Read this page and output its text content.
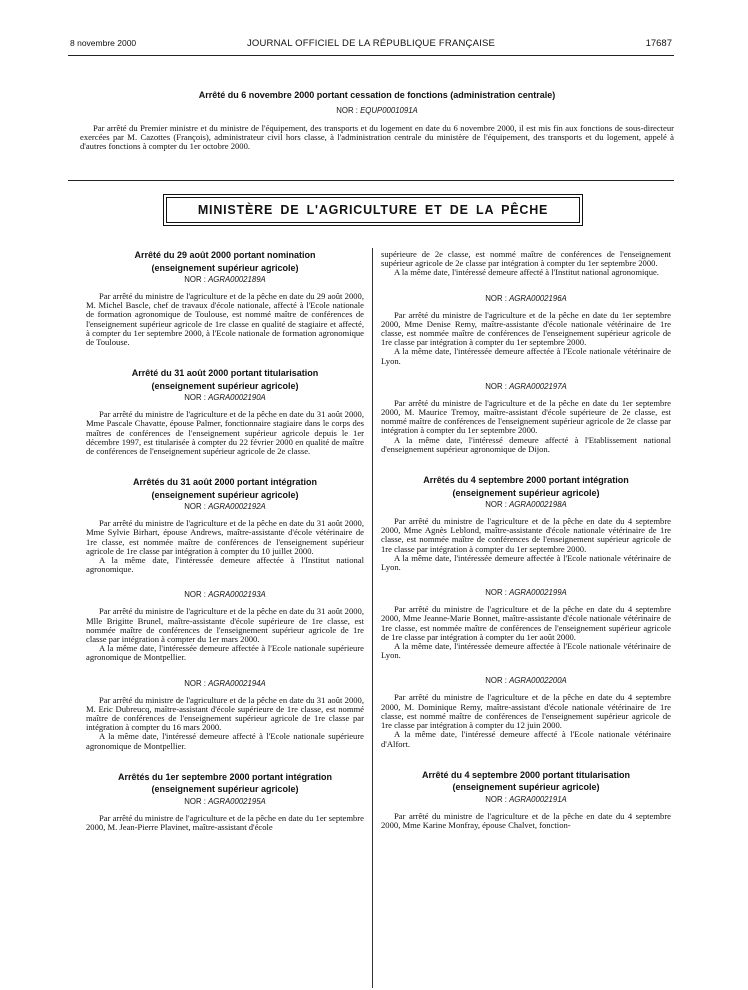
8 novembre 2000	JOURNAL OFFICIEL DE LA RÉPUBLIQUE FRANÇAISE	17687
Arrêté du 6 novembre 2000 portant cessation de fonctions (administration centrale)
NOR : EQUP0001091A

Par arrêté du Premier ministre et du ministre de l'équipement, des transports et du logement en date du 6 novembre 2000, il est mis fin aux fonctions de sous-directeur exercées par M. Cazottes (François), administrateur civil hors classe, à l'administration centrale du ministère de l'équipement, des transports et du logement, appelé à d'autres fonctions à compter du 1er octobre 2000.

MINISTÈRE DE L'AGRICULTURE ET DE LA PÊCHE
Arrêté du 29 août 2000 portant nomination
(enseignement supérieur agricole)
NOR : AGRA0002189A

Par arrêté du ministre de l'agriculture et de la pêche en date du 29 août 2000, M. Michel Bascle, chef de travaux d'école nationale, affecté à l'Ecole nationale de formation agronomique de Toulouse, est nommé maître de conférences de l'enseignement supérieur agricole de 1re classe en qualité de stagiaire et affecté, à compter du 1er septembre 2000, à l'Ecole nationale de formation agronomique de Toulouse.

Arrêté du 31 août 2000 portant titularisation
(enseignement supérieur agricole)
NOR : AGRA0002190A

Par arrêté du ministre de l'agriculture et de la pêche en date du 31 août 2000, Mme Pascale Chavatte, épouse Palmer, fonctionnaire stagiaire dans le corps des maîtres de conférences de l'enseignement supérieur agricole depuis le 1er décembre 1997, est titularisée à compter du 22 février 2000 en qualité de maître de conférences de l'enseignement supérieur agricole de 2e classe.

Arrêtés du 31 août 2000 portant intégration
(enseignement supérieur agricole)
NOR : AGRA0002192A

Par arrêté du ministre de l'agriculture et de la pêche en date du 31 août 2000, Mme Sylvie Birhart, épouse Andrews, maître-assistante d'école vétérinaire de 1re classe, est nommée maître de conférences de l'enseignement supérieur agricole de 1re classe par intégration à compter du 10 juillet 2000.

A la même date, l'intéressée demeure affectée à l'Institut national agronomique.

NOR : AGRA0002193A

Par arrêté du ministre de l'agriculture et de la pêche en date du 31 août 2000, Mlle Brigitte Brunel, maître-assistante d'école supérieure de 1re classe, est nommée maître de conférences de l'enseignement supérieur agricole de 1re classe par intégration à compter du 1er mars 2000.

A la même date, l'intéressée demeure affectée à l'Ecole nationale supérieure agronomique de Montpellier.

NOR : AGRA0002194A

Par arrêté du ministre de l'agriculture et de la pêche en date du 31 août 2000, M. Eric Dubreucq, maître-assistant d'école supérieure de 1re classe, est nommé maître de conférences de l'enseignement supérieur agricole de 1re classe par intégration à compter du 16 mars 2000.

A la même date, l'intéressé demeure affecté à l'Ecole nationale supérieure agronomique de Montpellier.

Arrêtés du 1er septembre 2000 portant intégration
(enseignement supérieur agricole)
NOR : AGRA0002195A

Par arrêté du ministre de l'agriculture et de la pêche en date du 1er septembre 2000, M. Jean-Pierre Plavinet, maître-assistant d'école

supérieure de 2e classe, est nommé maître de conférences de l'enseignement supérieur agricole de 2e classe par intégration à compter du 1er septembre 2000.

A la même date, l'intéressé demeure affecté à l'Institut national agronomique.

NOR : AGRA0002196A

Par arrêté du ministre de l'agriculture et de la pêche en date du 1er septembre 2000, Mme Denise Remy, maître-assistante d'école nationale vétérinaire de 1re classe, est nommée maître de conférences de l'enseignement supérieur agricole de 1re classe par intégration à compter du 1er septembre 2000.

A la même date, l'intéressée demeure affectée à l'Ecole nationale vétérinaire de Lyon.

NOR : AGRA0002197A

Par arrêté du ministre de l'agriculture et de la pêche en date du 1er septembre 2000, M. Maurice Tremoy, maître-assistant d'école supérieure de 2e classe, est nommé maître de conférences de l'enseignement supérieur agricole de 2e classe par intégration à compter du 1er septembre 2000.

A la même date, l'intéressé demeure affecté à l'Etablissement national d'enseignement supérieur agronomique de Dijon.

Arrêtés du 4 septembre 2000 portant intégration
(enseignement supérieur agricole)
NOR : AGRA0002198A

Par arrêté du ministre de l'agriculture et de la pêche en date du 4 septembre 2000, Mme Agnès Leblond, maître-assistante d'école nationale vétérinaire de 1re classe, est nommée maître de conférences de l'enseignement supérieur agricole de 1re classe par intégration à compter du 1er septembre 2000.

A la même date, l'intéressée demeure affectée à l'Ecole nationale vétérinaire de Lyon.

NOR : AGRA0002199A

Par arrêté du ministre de l'agriculture et de la pêche en date du 4 septembre 2000, Mme Jeanne-Marie Bonnet, maître-assistante d'école nationale vétérinaire de 1re classe, est nommée maître de conférences de l'enseignement supérieur agricole de 1re classe par intégration à compter du 1er août 2000.

A la même date, l'intéressée demeure affectée à l'Ecole nationale vétérinaire de Lyon.

NOR : AGRA0002200A

Par arrêté du ministre de l'agriculture et de la pêche en date du 4 septembre 2000, M. Dominique Remy, maître-assistant d'école nationale vétérinaire de 1re classe, est nommé maître de conférences de l'enseignement supérieur agricole de 1re classe par intégration à compter du 12 juin 2000.

A la même date, l'intéressé demeure affecté à l'Ecole nationale vétérinaire d'Alfort.

Arrêté du 4 septembre 2000 portant titularisation
(enseignement supérieur agricole)
NOR : AGRA0002191A

Par arrêté du ministre de l'agriculture et de la pêche en date du 4 septembre 2000, Mme Karine Monfray, épouse Chalvet, fonction-
